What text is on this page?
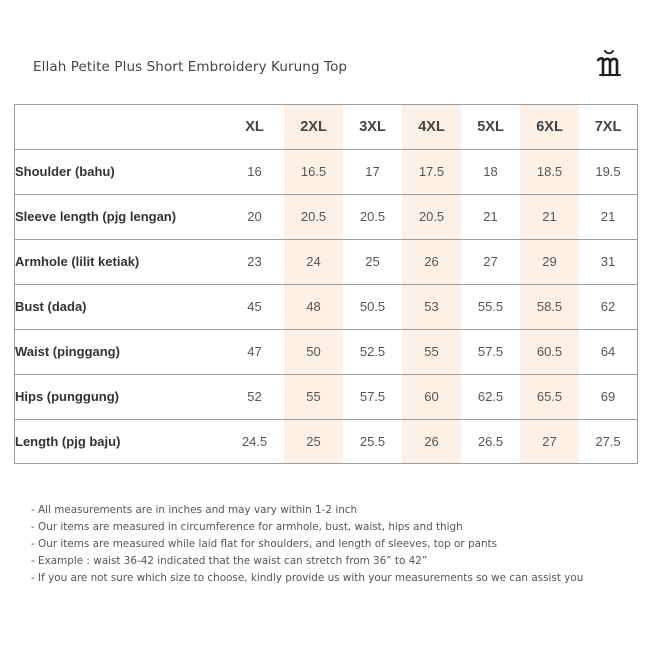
Ellah Petite Plus Short Embroidery Kurung Top
	XL	2XL	3XL	4XL	5XL	6XL	7XL
Shoulder (bahu)	16	16.5	17	17.5	18	18.5	19.5
Sleeve length (pjg lengan)	20	20.5	20.5	20.5	21	21	21
Armhole (lilit ketiak)	23	24	25	26	27	29	31
Bust (dada)	45	48	50.5	53	55.5	58.5	62
Waist (pinggang)	47	50	52.5	55	57.5	60.5	64
Hips (punggung)	52	55	57.5	60	62.5	65.5	69
Length (pjg baju)	24.5	25	25.5	26	26.5	27	27.5
- All measurements are in inches and may vary within 1-2 inch
- Our items are measured in circumference for armhole, bust, waist, hips and thigh
- Our items are measured while laid flat for shoulders, and length of sleeves, top or pants
- Example : waist 36-42 indicated that the waist can stretch from 36” to 42”
- If you are not sure which size to choose, kindly provide us with your measurements so we can assist you
